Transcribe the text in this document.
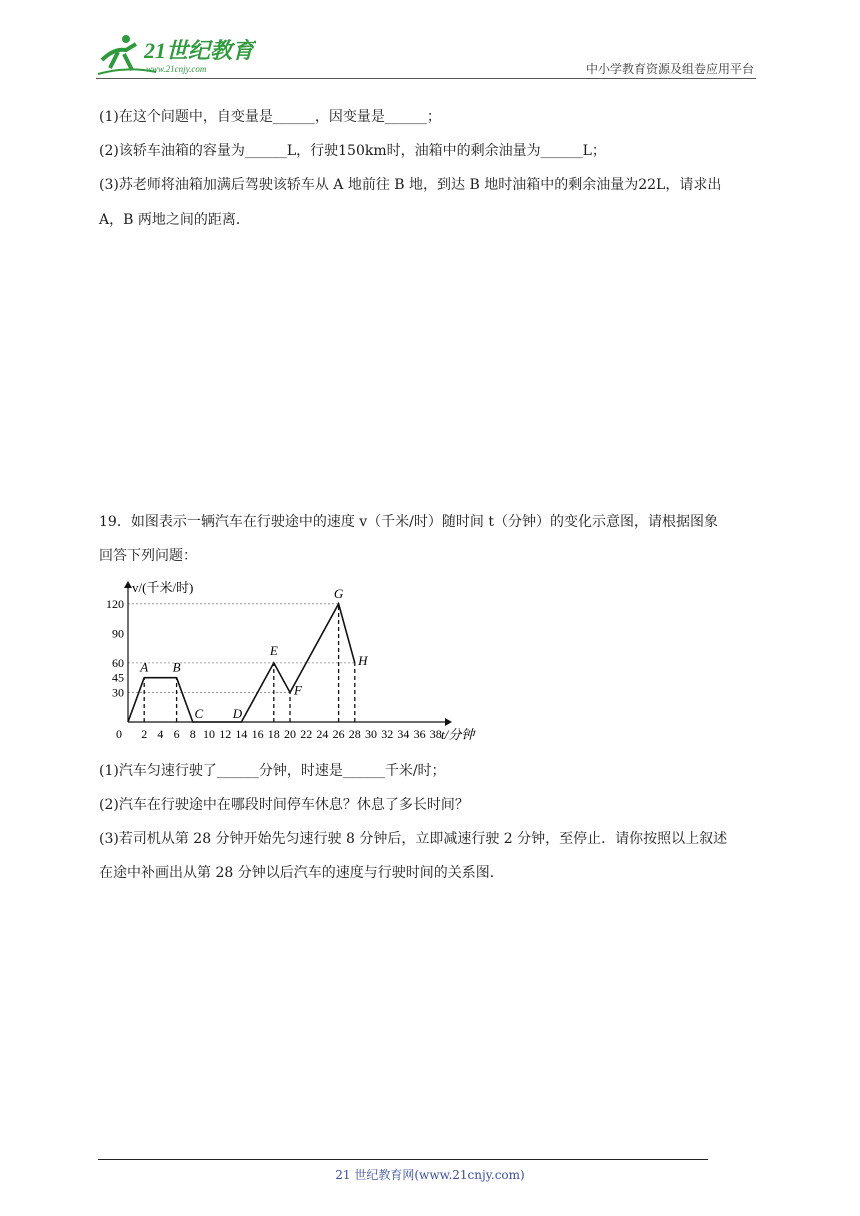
21世纪教育
www.21cnjy.com	中小学教育资源及组卷应用平台
(1)在这个问题中，自变量是______，因变量是______；
(2)该轿车油箱的容量为______L，行驶150km时，油箱中的剩余油量为______L；
(3)苏老师将油箱加满后驾驶该轿车从 A 地前往 B 地，到达 B 地时油箱中的剩余油量为22L，请求出
A，B 两地之间的距离．
19．如图表示一辆汽车在行驶途中的速度 v（千米/时）随时间 t（分钟）的变化示意图，请根据图象
回答下列问题：
2 4 6 8 10 12 14 16 18 20 22 24 26 28 30 32 34 36 38
30
45
60
90
120
A B
C D
E
F
G
H
v/(千米/时)
t/分钟
0
(1)汽车匀速行驶了______分钟，时速是______千米/时；
(2)汽车在行驶途中在哪段时间停车休息？休息了多长时间？
(3)若司机从第 28 分钟开始先匀速行驶 8 分钟后，立即减速行驶 2 分钟，至停止．请你按照以上叙述
在途中补画出从第 28 分钟以后汽车的速度与行驶时间的关系图．
21 世纪教育网(www.21cnjy.com)
